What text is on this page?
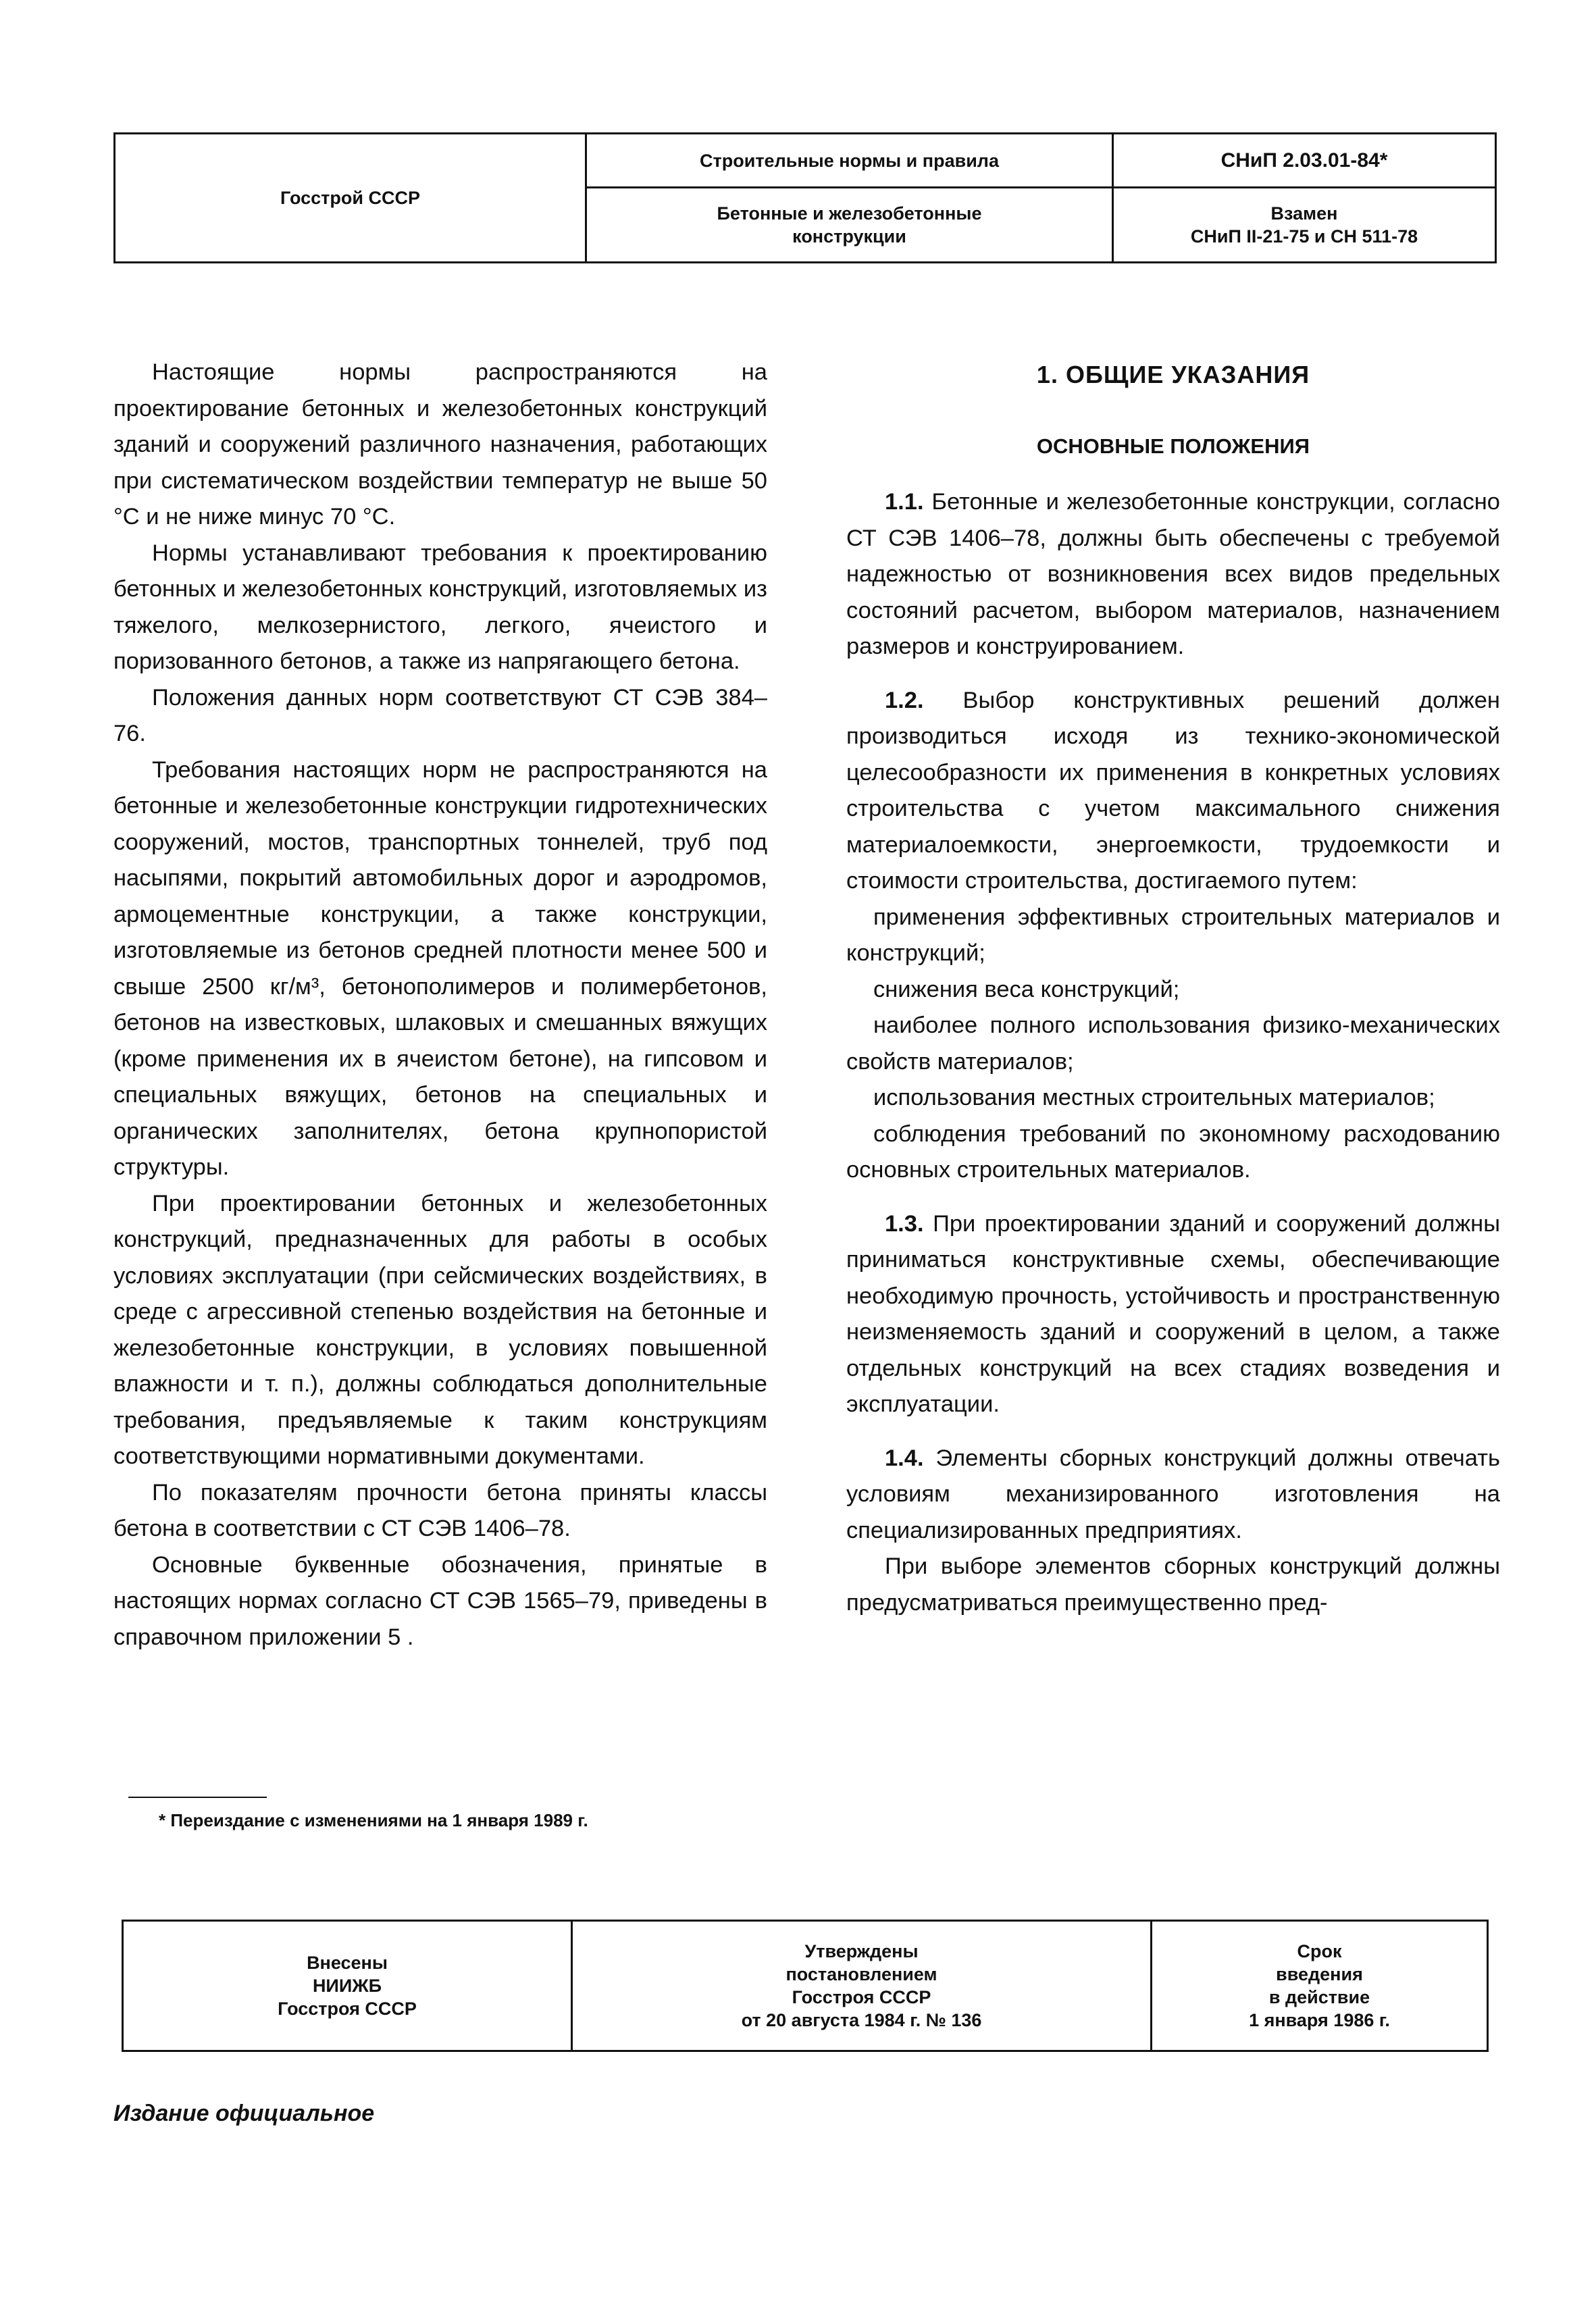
Госстрой СССР
Строительные нормы и правила
Бетонные и железобетонные
конструкции
СНиП 2.03.01-84*
Взамен
СНиП II-21-75 и СН 511-78

Настоящие нормы распространяются на проектирование бетонных и железобетонных конструкций зданий и сооружений различного назначения, работающих при систематическом воздействии температур не выше 50 °С и не ниже минус 70 °С.

Нормы устанавливают требования к проектированию бетонных и железобетонных конструкций, изготовляемых из тяжелого, мелкозернистого, легкого, ячеистого и поризованного бетонов, а также из напрягающего бетона.

Положения данных норм соответствуют СТ СЭВ 384–76.

Требования настоящих норм не распространяются на бетонные и железобетонные конструкции гидротехнических сооружений, мостов, транспортных тоннелей, труб под насыпями, покрытий автомобильных дорог и аэродромов, армоцементные конструкции, а также конструкции, изготовляемые из бетонов средней плотности менее 500 и свыше 2500 кг/м³, бетонополимеров и полимербетонов, бетонов на известковых, шлаковых и смешанных вяжущих (кроме применения их в ячеистом бетоне), на гипсовом и специальных вяжущих, бетонов на специальных и органических заполнителях, бетона крупнопористой структуры.

При проектировании бетонных и железобетонных конструкций, предназначенных для работы в особых условиях эксплуатации (при сейсмических воздействиях, в среде с агрессивной степенью воздействия на бетонные и железобетонные конструкции, в условиях повышенной влажности и т. п.), должны соблюдаться дополнительные требования, предъявляемые к таким конструкциям соответствующими нормативными документами.

По показателям прочности бетона приняты классы бетона в соответствии с СТ СЭВ 1406–78.

Основные буквенные обозначения, принятые в настоящих нормах согласно СТ СЭВ 1565–79, приведены в справочном приложении 5 .

1. ОБЩИЕ УКАЗАНИЯ
ОСНОВНЫЕ ПОЛОЖЕНИЯ

1.1. Бетонные и железобетонные конструкции, согласно СТ СЭВ 1406–78, должны быть обеспечены с требуемой надежностью от возникновения всех видов предельных состояний расчетом, выбором материалов, назначением размеров и конструированием.

1.2. Выбор конструктивных решений должен производиться исходя из технико-экономической целесообразности их применения в конкретных условиях строительства с учетом максимального снижения материалоемкости, энергоемкости, трудоемкости и стоимости строительства, достигаемого путем:

применения эффективных строительных материалов и конструкций;

снижения веса конструкций;

наиболее полного использования физико-механических свойств материалов;

использования местных строительных материалов;

соблюдения требований по экономному расходованию основных строительных материалов.

1.3. При проектировании зданий и сооружений должны приниматься конструктивные схемы, обеспечивающие необходимую прочность, устойчивость и пространственную неизменяемость зданий и сооружений в целом, а также отдельных конструкций на всех стадиях возведения и эксплуатации.

1.4. Элементы сборных конструкций должны отвечать условиям механизированного изготовления на специализированных предприятиях.

При выборе элементов сборных конструкций должны предусматриваться преимущественно пред-

* Переиздание с изменениями на 1 января 1989 г.
Внесены
НИИЖБ
Госстроя СССР
Утверждены
постановлением
Госстроя СССР
от 20 августа 1984 г. № 136
Срок
введения
в действие
1 января 1986 г.
Издание официальное
